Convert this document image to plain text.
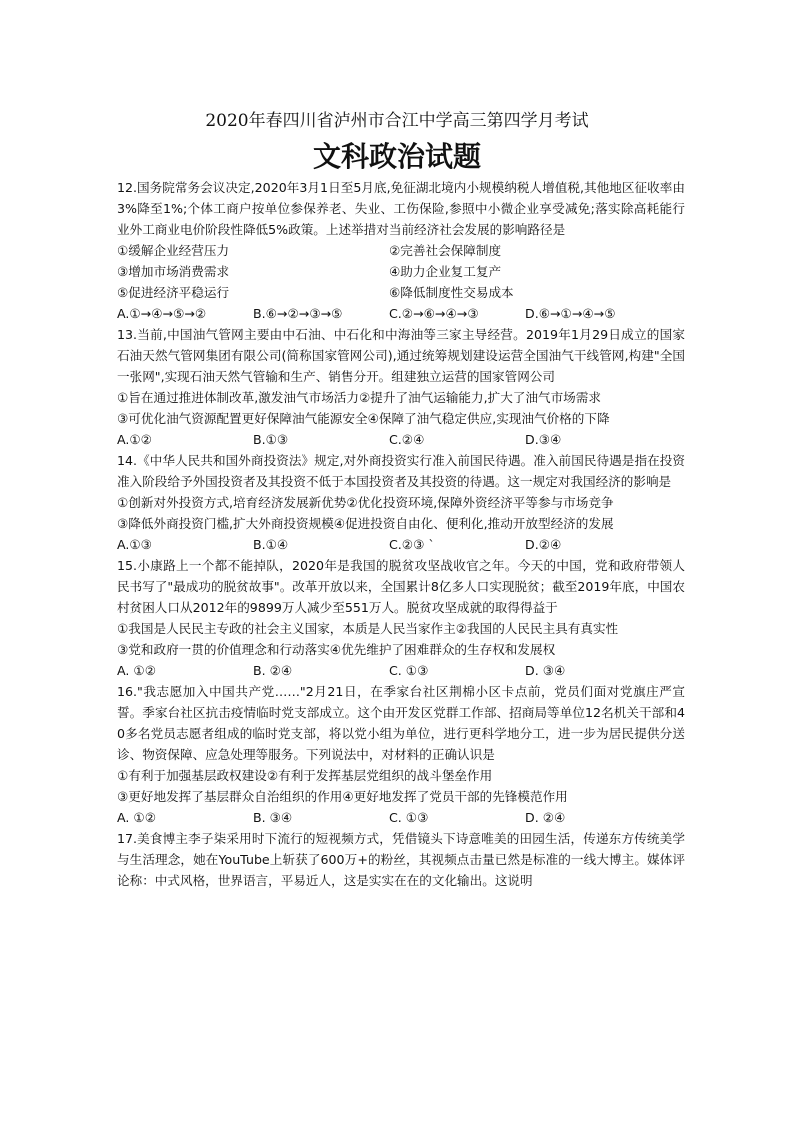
2020年春四川省泸州市合江中学高三第四学月考试
文科政治试题

12.国务院常务会议决定,2020年3月1日至5月底,免征湖北境内小规模纳税人增值税,其他地区征收率由3%降至1%;个体工商户按单位参保养老、失业、工伤保险,参照中小微企业享受减免;落实除高耗能行业外工商业电价阶段性降低5%政策。上述举措对当前经济社会发展的影响路径是

①缓解企业经营压力	②完善社会保障制度
③增加市场消费需求	④助力企业复工复产
⑤促进经济平稳运行	⑥降低制度性交易成本
A.①→④→⑤→②	B.⑥→②→③→⑤	C.②→⑥→④→③	D.⑥→①→④→⑤

13.当前,中国油气管网主要由中石油、中石化和中海油等三家主导经营。2019年1月29日成立的国家石油天然气管网集团有限公司(简称国家管网公司),通过统筹规划建设运营全国油气干线管网,构建"全国一张网",实现石油天然气管输和生产、销售分开。组建独立运营的国家管网公司

①旨在通过推进体制改革,激发油气市场活力②提升了油气运输能力,扩大了油气市场需求

③可优化油气资源配置更好保障油气能源安全④保障了油气稳定供应,实现油气价格的下降

A.①②	B.①③	C.②④	D.③④

14.《中华人民共和国外商投资法》规定,对外商投资实行准入前国民待遇。准入前国民待遇是指在投资准入阶段给予外国投资者及其投资不低于本国投资者及其投资的待遇。这一规定对我国经济的影响是

①创新对外投资方式,培育经济发展新优势②优化投资环境,保障外资经济平等参与市场竞争

③降低外商投资门槛,扩大外商投资规模④促进投资自由化、便利化,推动开放型经济的发展

A.①③	B.①④	C.②③ `	D.②④

15.小康路上一个都不能掉队，2020年是我国的脱贫攻坚战收官之年。今天的中国，党和政府带领人民书写了"最成功的脱贫故事"。改革开放以来，全国累计8亿多人口实现脱贫；截至2019年底，中国农村贫困人口从2012年的9899万人减少至551万人。脱贫攻坚成就的取得得益于

①我国是人民民主专政的社会主义国家，本质是人民当家作主②我国的人民民主具有真实性

③党和政府一贯的价值理念和行动落实④优先维护了困难群众的生存权和发展权

A. ①②	B. ②④	C. ①③	D. ③④

16."我志愿加入中国共产党……"2月21日，在季家台社区荆棉小区卡点前，党员们面对党旗庄严宣誓。季家台社区抗击疫情临时党支部成立。这个由开发区党群工作部、招商局等单位12名机关干部和40多名党员志愿者组成的临时党支部，将以党小组为单位，进行更科学地分工，进一步为居民提供分送诊、物资保障、应急处理等服务。下列说法中，对材料的正确认识是

①有利于加强基层政权建设②有利于发挥基层党组织的战斗堡垒作用

③更好地发挥了基层群众自治组织的作用④更好地发挥了党员干部的先锋模范作用

A. ①②	B. ③④	C. ①③	D. ②④

17.美食博主李子柒采用时下流行的短视频方式，凭借镜头下诗意唯美的田园生活，传递东方传统美学与生活理念，她在YouTube上斩获了600万+的粉丝，其视频点击量已然是标准的一线大博主。媒体评论称：中式风格，世界语言，平易近人，这是实实在在的文化输出。这说明
